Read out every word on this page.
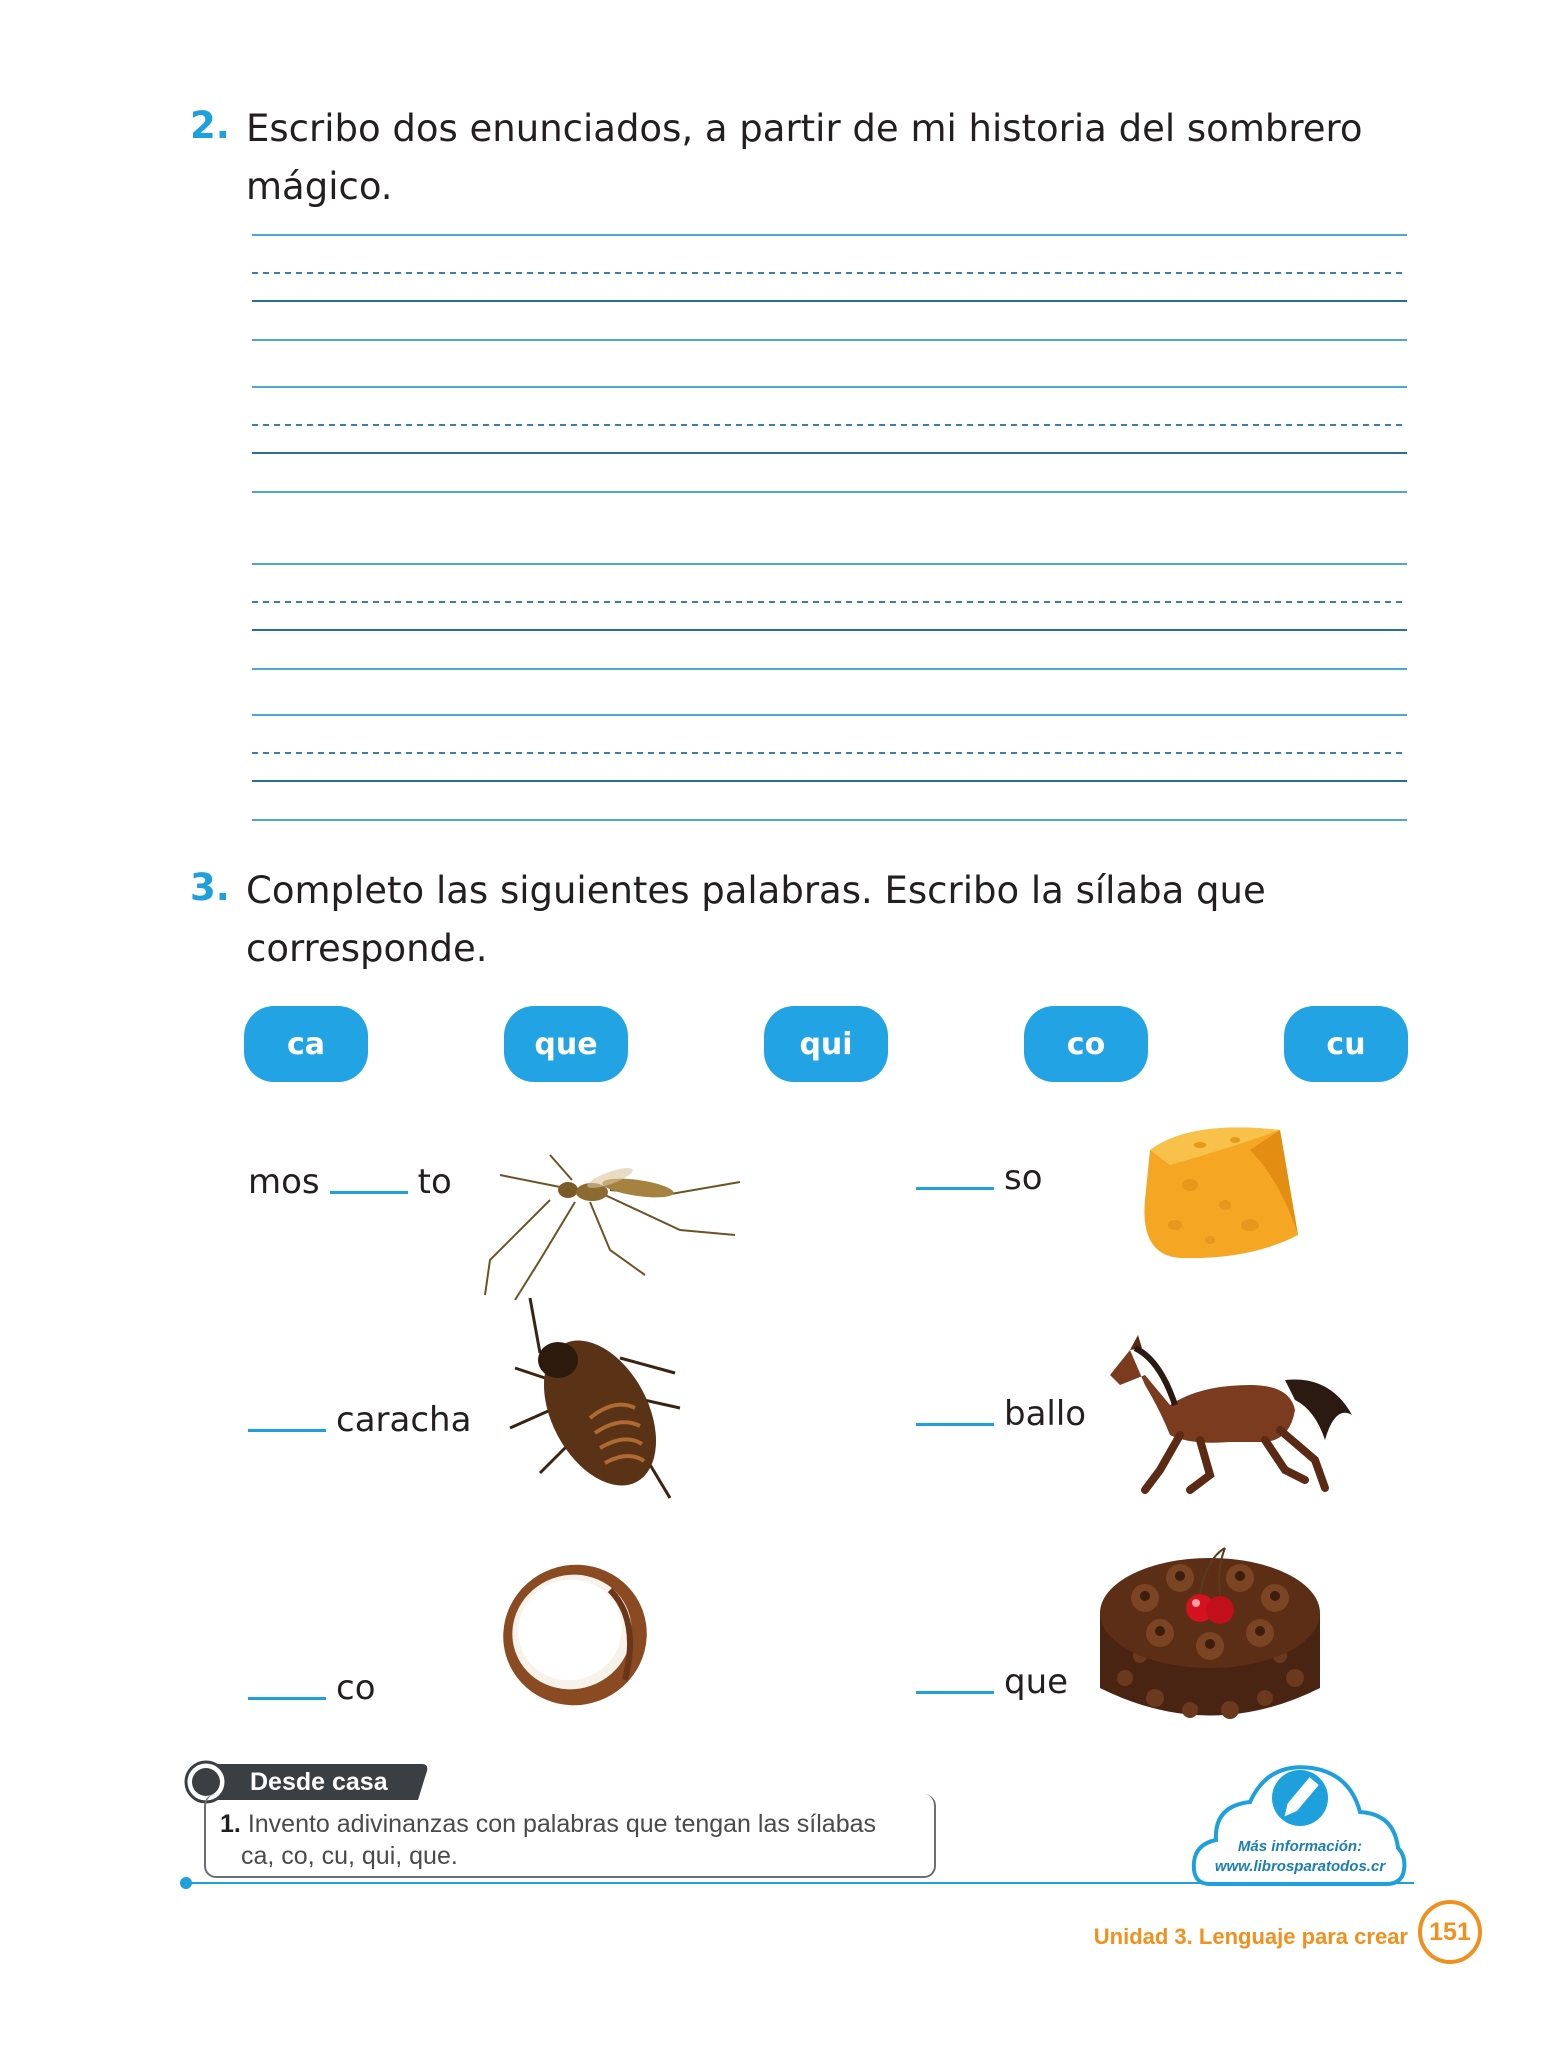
2. Escribo dos enunciados, a partir de mi historia del sombrero
mágico.
3. Completo las siguientes palabras. Escribo la sílaba que
corresponde.
ca	que	qui	co	cu
mos	to	so
caracha	ballo
co	que
Desde casa
1. Invento adivinanzas con palabras que tengan las sílabas
ca, co, cu, qui, que.	Más información:
www.librosparatodos.cr
Unidad 3. Lenguaje para crear 151
